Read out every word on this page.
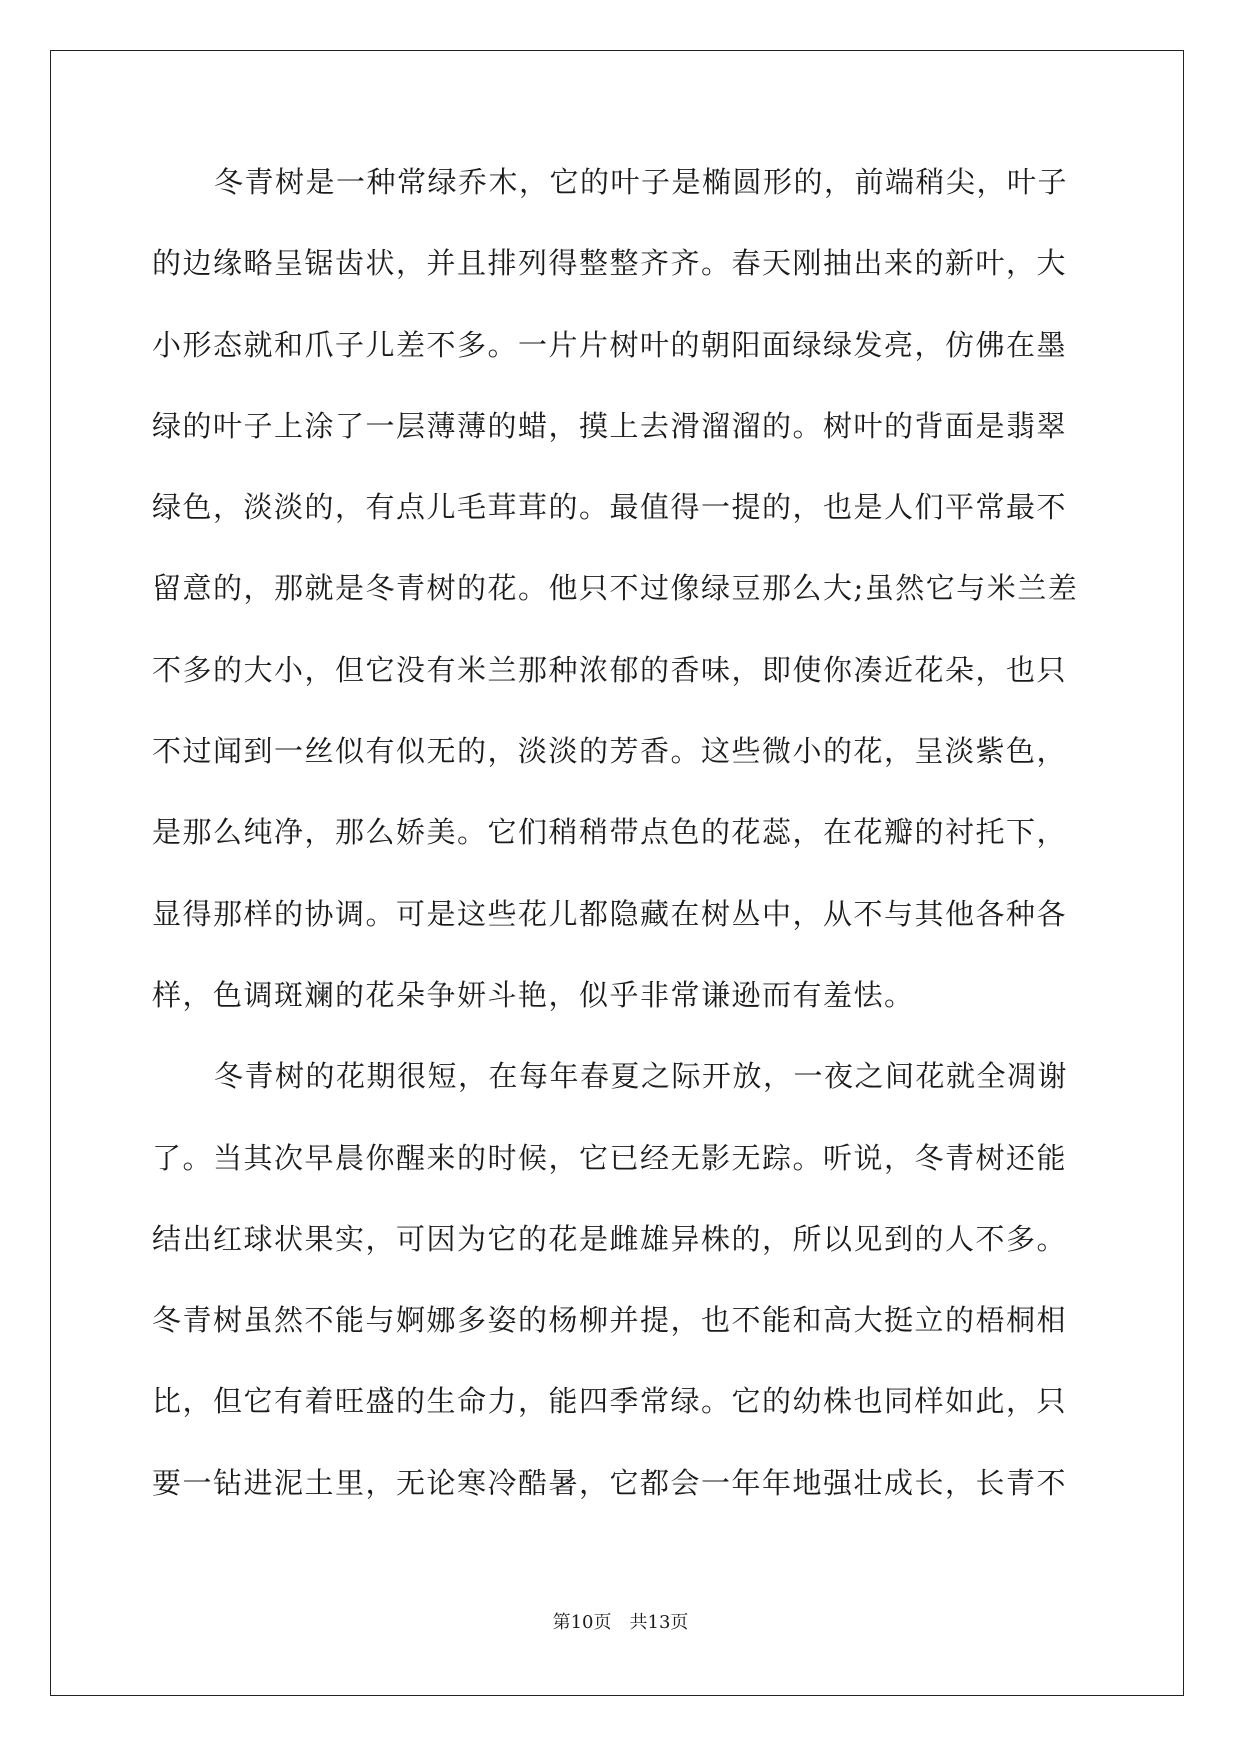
冬青树是一种常绿乔木，它的叶子是椭圆形的，前端稍尖，叶子
的边缘略呈锯齿状，并且排列得整整齐齐。春天刚抽出来的新叶，大
小形态就和爪子儿差不多。一片片树叶的朝阳面绿绿发亮，仿佛在墨
绿的叶子上涂了一层薄薄的蜡，摸上去滑溜溜的。树叶的背面是翡翠
绿色，淡淡的，有点儿毛茸茸的。最值得一提的，也是人们平常最不
留意的，那就是冬青树的花。他只不过像绿豆那么大;虽然它与米兰差
不多的大小，但它没有米兰那种浓郁的香味，即使你凑近花朵，也只
不过闻到一丝似有似无的，淡淡的芳香。这些微小的花，呈淡紫色，
是那么纯净，那么娇美。它们稍稍带点色的花蕊，在花瓣的衬托下，
显得那样的协调。可是这些花儿都隐藏在树丛中，从不与其他各种各
样，色调斑斓的花朵争妍斗艳，似乎非常谦逊而有羞怯。
冬青树的花期很短，在每年春夏之际开放，一夜之间花就全凋谢
了。当其次早晨你醒来的时候，它已经无影无踪。听说，冬青树还能
结出红球状果实，可因为它的花是雌雄异株的，所以见到的人不多。
冬青树虽然不能与婀娜多姿的杨柳并提，也不能和高大挺立的梧桐相
比，但它有着旺盛的生命力，能四季常绿。它的幼株也同样如此，只
要一钻进泥土里，无论寒冷酷暑，它都会一年年地强壮成长，长青不
第10页　共13页
